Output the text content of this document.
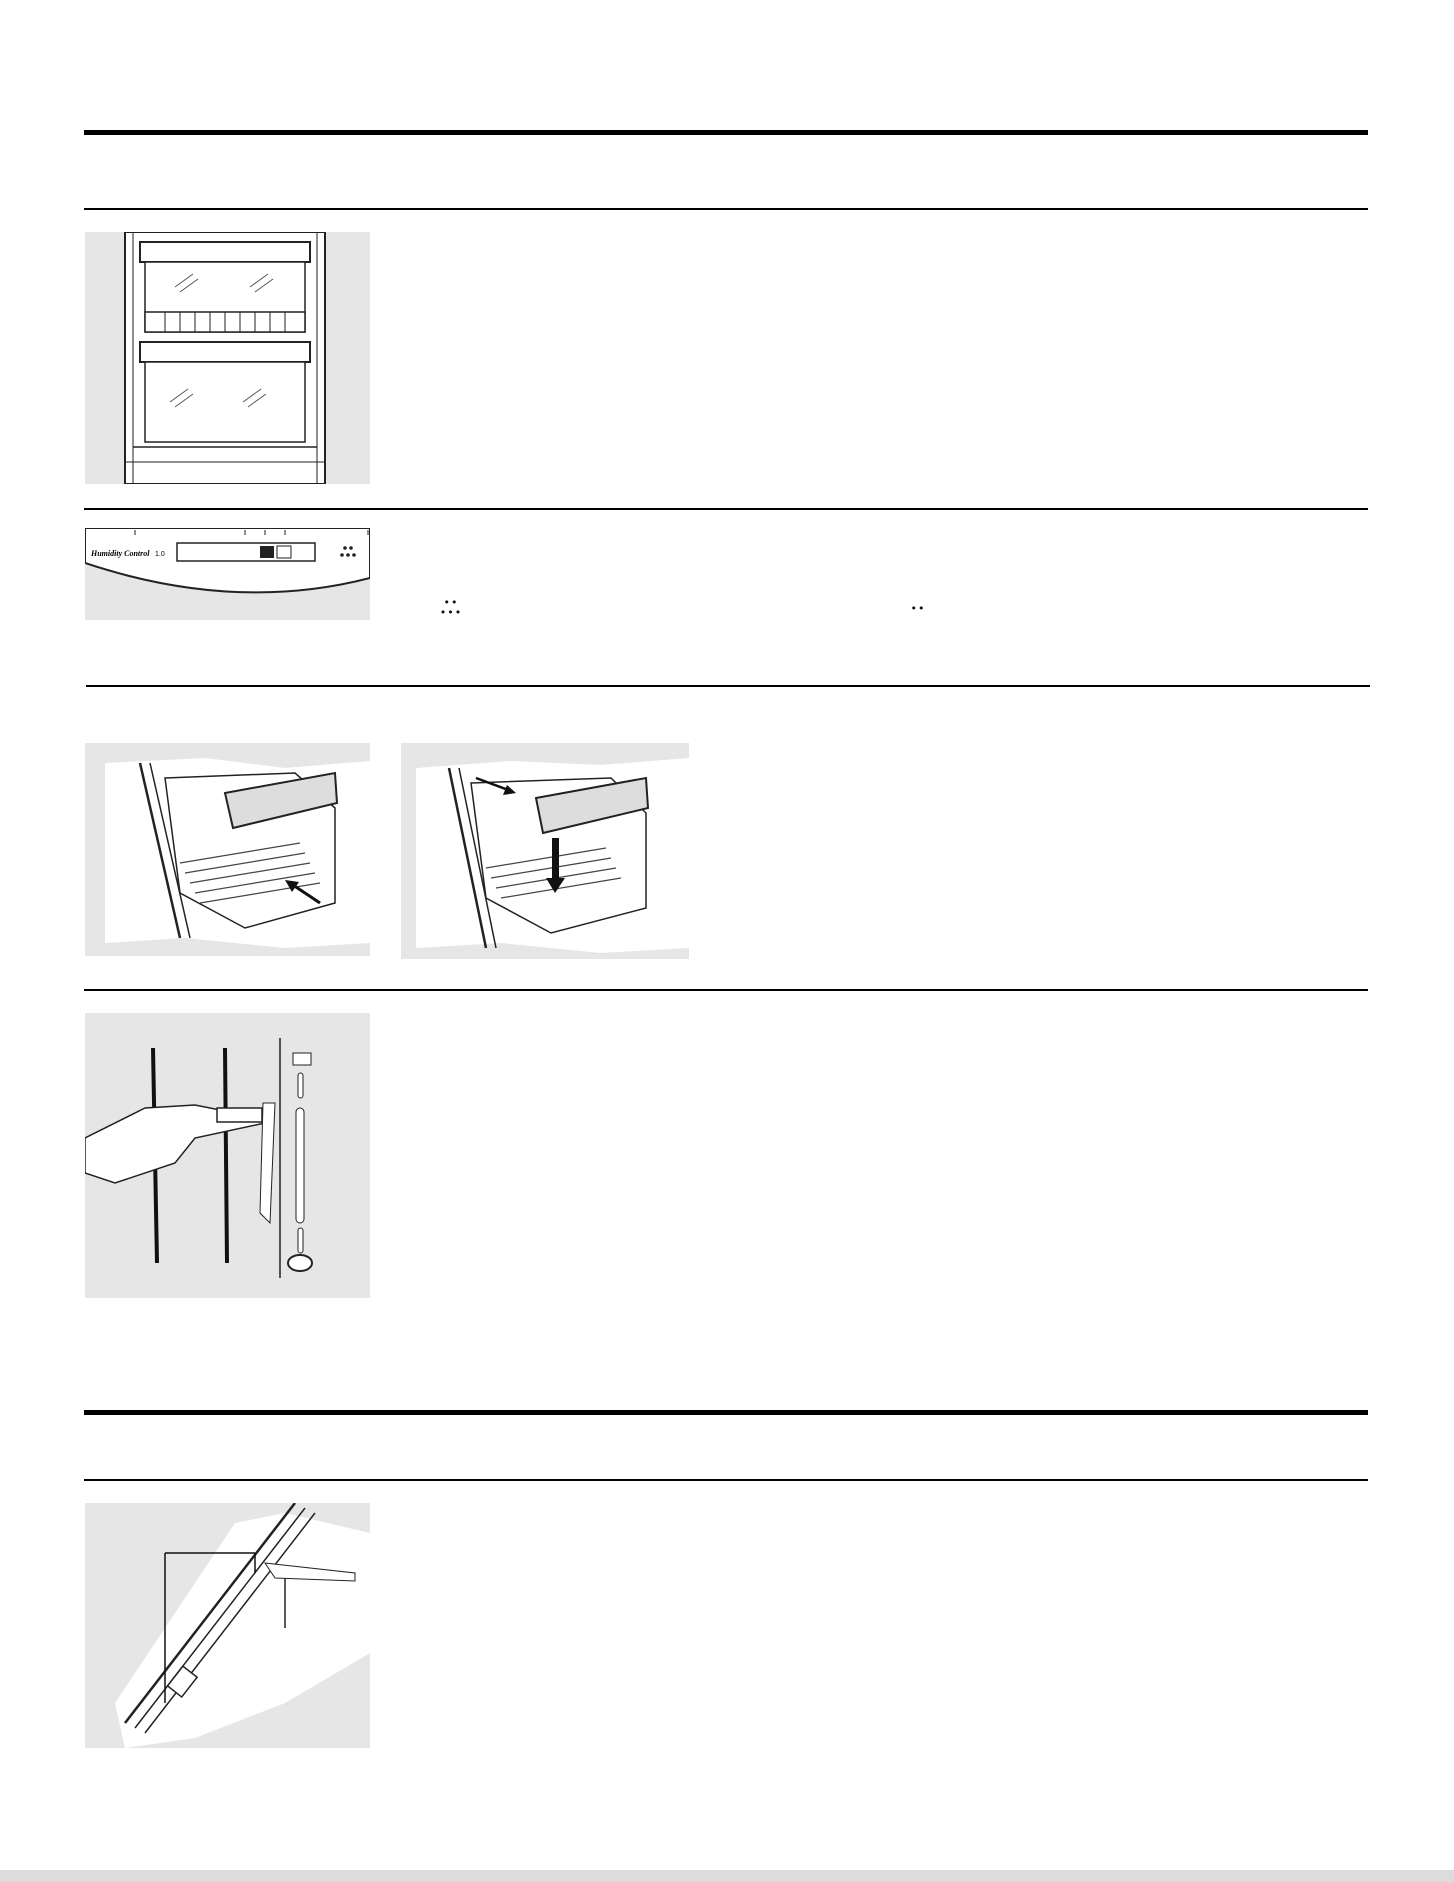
Humidity Control 1.0
••
•••	••
